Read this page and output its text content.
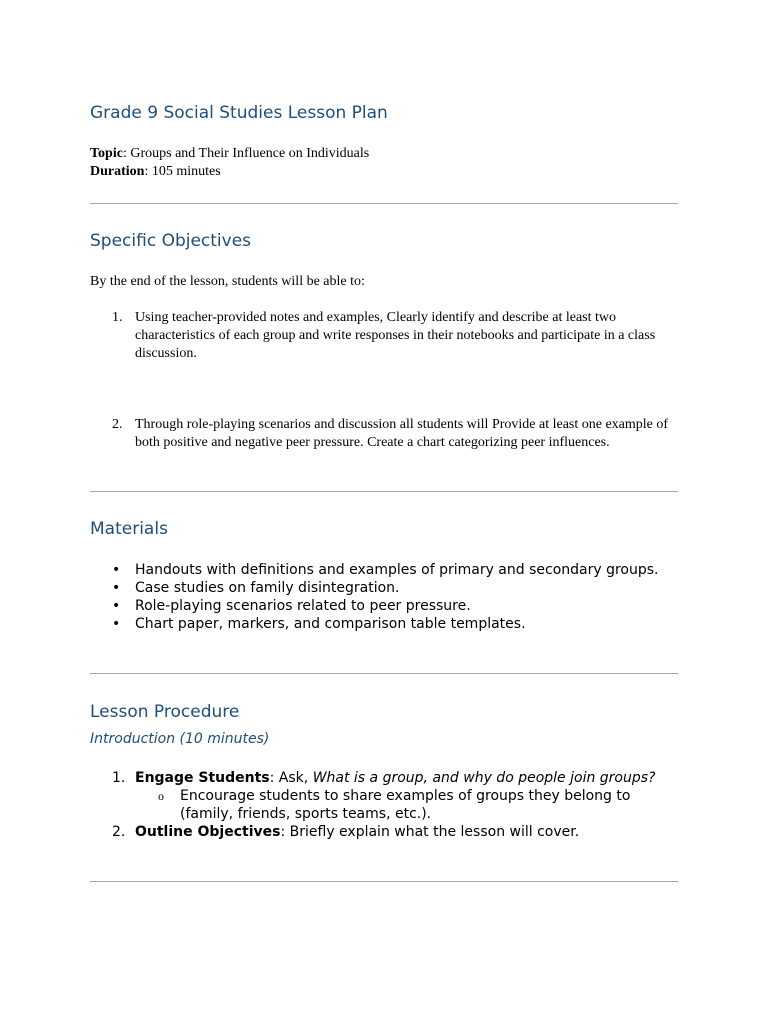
Grade 9 Social Studies Lesson Plan
Topic: Groups and Their Influence on Individuals
Duration: 105 minutes
Specific Objectives
By the end of the lesson, students will be able to:
1. Using teacher-provided notes and examples, Clearly identify and describe at least two characteristics of each group and write responses in their notebooks and participate in a class discussion.
2. Through role-playing scenarios and discussion all students will Provide at least one example of both positive and negative peer pressure. Create a chart categorizing peer influences.
Materials
• Handouts with definitions and examples of primary and secondary groups.
• Case studies on family disintegration.
• Role-playing scenarios related to peer pressure.
• Chart paper, markers, and comparison table templates.
Lesson Procedure
Introduction (10 minutes)
1. Engage Students: Ask, What is a group, and why do people join groups?
o Encourage students to share examples of groups they belong to (family, friends, sports teams, etc.).
2. Outline Objectives: Briefly explain what the lesson will cover.
